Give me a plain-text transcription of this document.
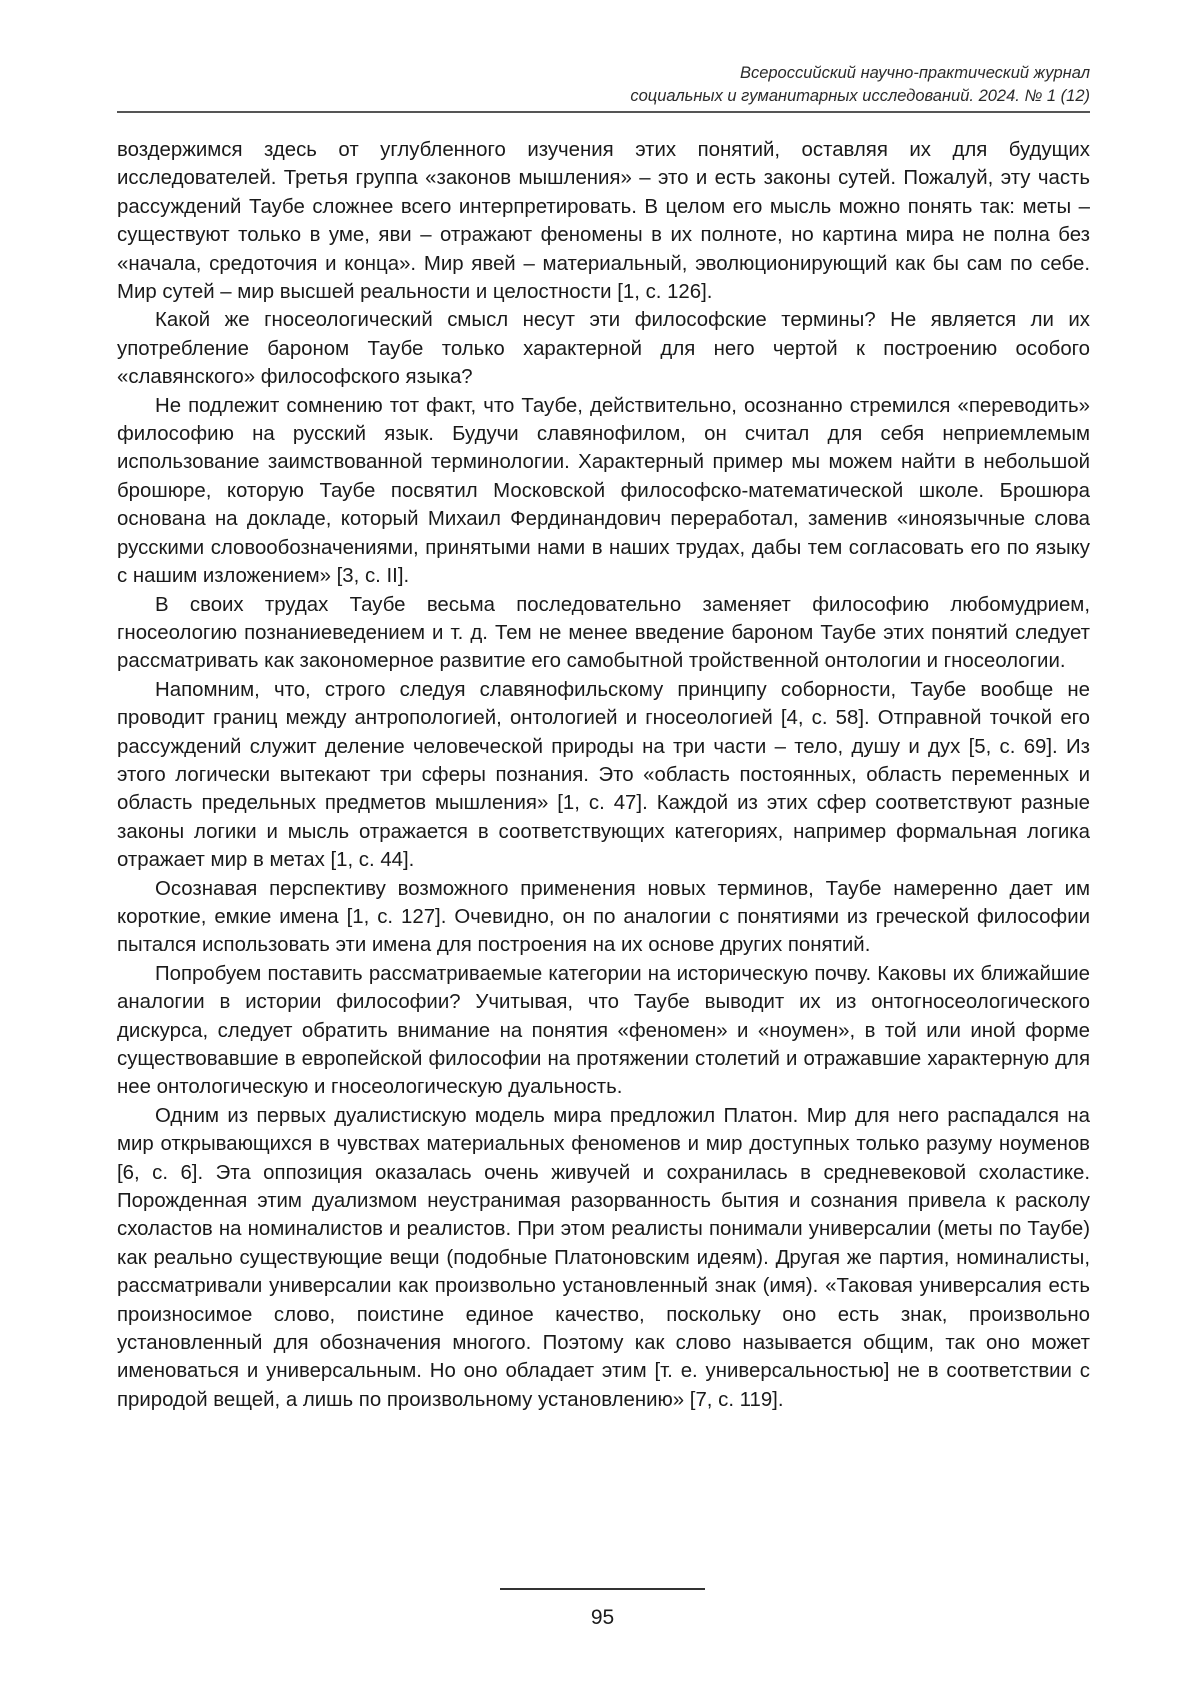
Всероссийский научно-практический журнал
социальных и гуманитарных исследований. 2024. № 1 (12)

воздержимся здесь от углубленного изучения этих понятий, оставляя их для будущих исследователей. Третья группа «законов мышления» – это и есть законы сутей. Пожалуй, эту часть рассуждений Таубе сложнее всего интерпретировать. В целом его мысль можно понять так: меты – существуют только в уме, яви – отражают феномены в их полноте, но картина мира не полна без «начала, средоточия и конца». Мир явей – материальный, эволюционирующий как бы сам по себе. Мир сутей – мир высшей реальности и целостности [1, с. 126].

Какой же гносеологический смысл несут эти философские термины? Не является ли их употребление бароном Таубе только характерной для него чертой к построению особого «славянского» философского языка?

Не подлежит сомнению тот факт, что Таубе, действительно, осознанно стремился «переводить» философию на русский язык. Будучи славянофилом, он считал для себя неприемлемым использование заимствованной терминологии. Характерный пример мы можем найти в небольшой брошюре, которую Таубе посвятил Московской философско-математической школе. Брошюра основана на докладе, который Михаил Фердинандович переработал, заменив «иноязычные слова русскими словообозначениями, принятыми нами в наших трудах, дабы тем согласовать его по языку с нашим изложением» [3, с. II].

В своих трудах Таубе весьма последовательно заменяет философию любомудрием, гносеологию познаниеведением и т. д. Тем не менее введение бароном Таубе этих понятий следует рассматривать как закономерное развитие его самобытной тройственной онтологии и гносеологии.

Напомним, что, строго следуя славянофильскому принципу соборности, Таубе вообще не проводит границ между антропологией, онтологией и гносеологией [4, с. 58]. Отправной точкой его рассуждений служит деление человеческой природы на три части – тело, душу и дух [5, с. 69]. Из этого логически вытекают три сферы познания. Это «область постоянных, область переменных и область предельных предметов мышления» [1, с. 47]. Каждой из этих сфер соответствуют разные законы логики и мысль отражается в соответствующих категориях, например формальная логика отражает мир в метах [1, с. 44].

Осознавая перспективу возможного применения новых терминов, Таубе намеренно дает им короткие, емкие имена [1, с. 127]. Очевидно, он по аналогии с понятиями из греческой философии пытался использовать эти имена для построения на их основе других понятий.

Попробуем поставить рассматриваемые категории на историческую почву. Каковы их ближайшие аналогии в истории философии? Учитывая, что Таубе выводит их из онтогносеологического дискурса, следует обратить внимание на понятия «феномен» и «ноумен», в той или иной форме существовавшие в европейской философии на протяжении столетий и отражавшие характерную для нее онтологическую и гносеологическую дуальность.

Одним из первых дуалистискую модель мира предложил Платон. Мир для него распадался на мир открывающихся в чувствах материальных феноменов и мир доступных только разуму ноуменов [6, с. 6]. Эта оппозиция оказалась очень живучей и сохранилась в средневековой схоластике. Порожденная этим дуализмом неустранимая разорванность бытия и сознания привела к расколу схоластов на номиналистов и реалистов. При этом реалисты понимали универсалии (меты по Таубе) как реально существующие вещи (подобные Платоновским идеям). Другая же партия, номиналисты, рассматривали универсалии как произвольно установленный знак (имя). «Таковая универсалия есть произносимое слово, поистине единое качество, поскольку оно есть знак, произвольно установленный для обозначения многого. Поэтому как слово называется общим, так оно может именоваться и универсальным. Но оно обладает этим [т. е. универсальностью] не в соответствии с природой вещей, а лишь по произвольному установлению» [7, с. 119].

95
